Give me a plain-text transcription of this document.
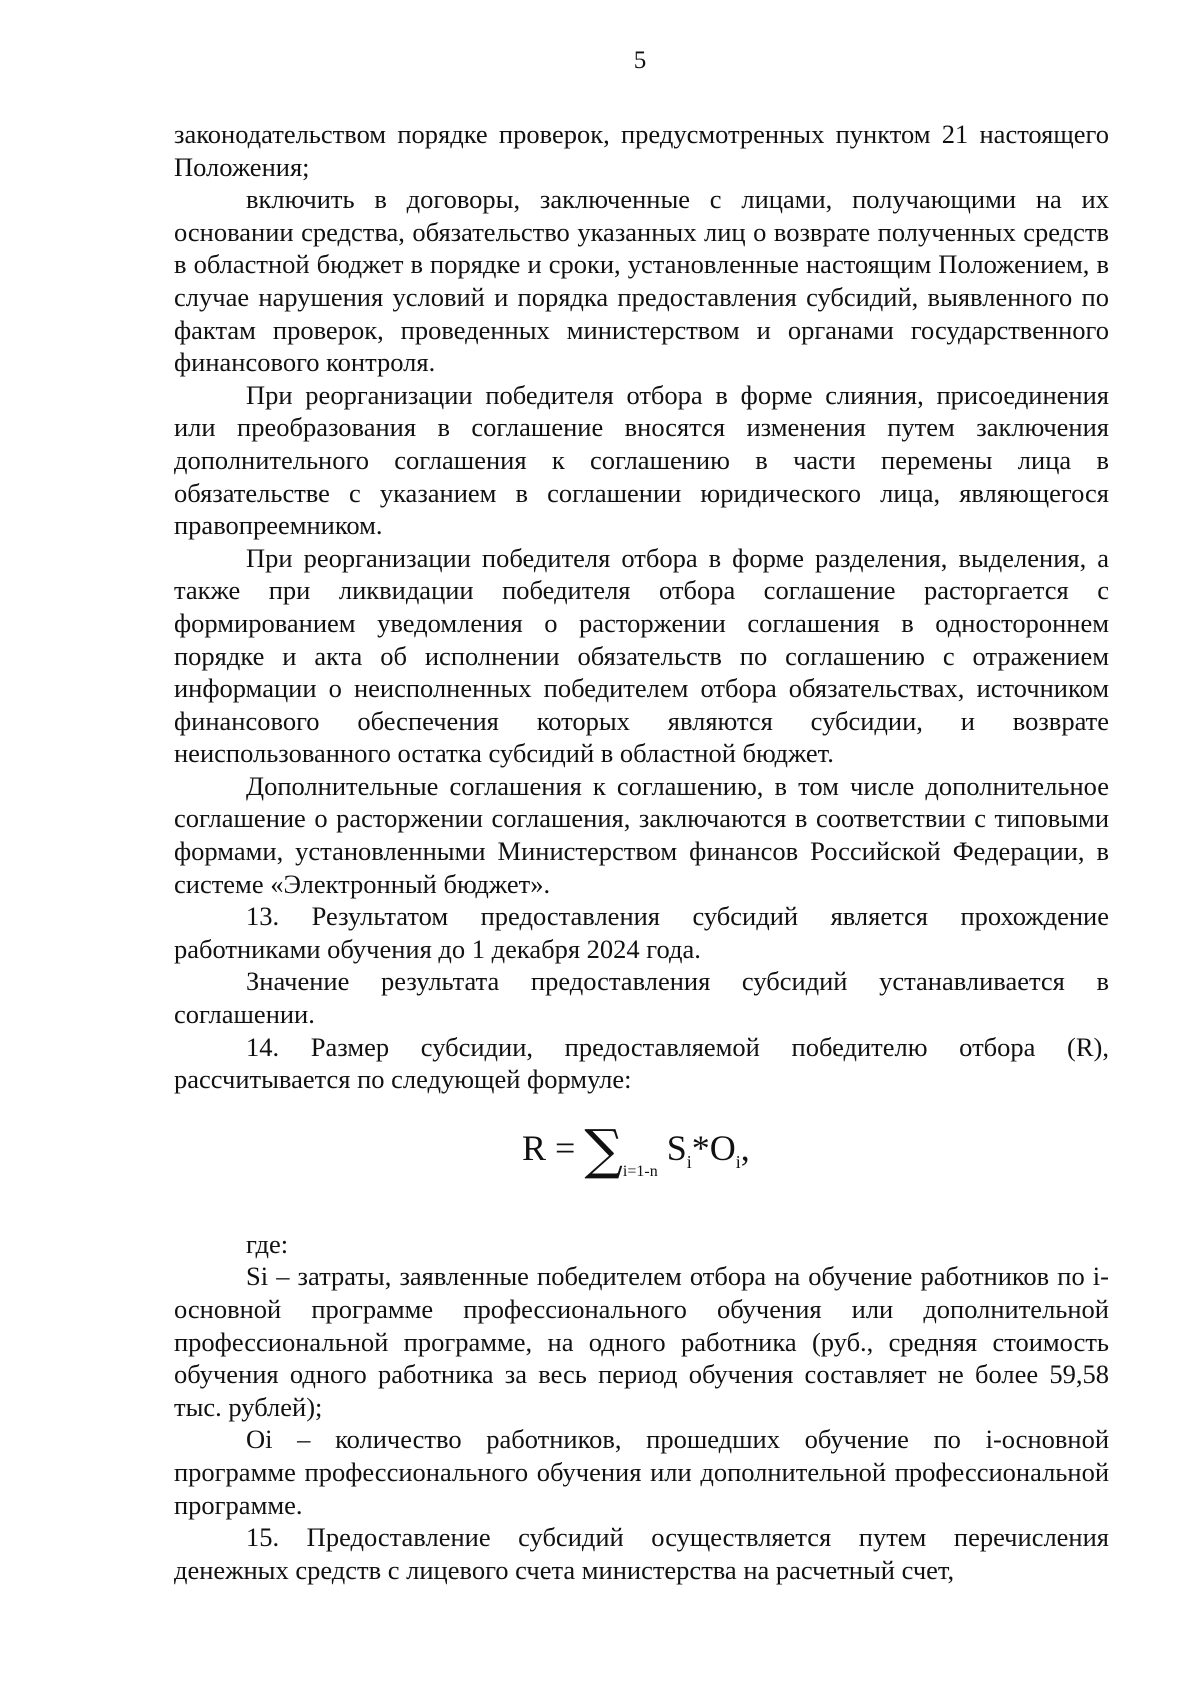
5

законодательством порядке проверок, предусмотренных пунктом 21 настоящего Положения;

включить в договоры, заключенные с лицами, получающими на их основании средства, обязательство указанных лиц о возврате полученных средств в областной бюджет в порядке и сроки, установленные настоящим Положением, в случае нарушения условий и порядка предоставления субсидий, выявленного по фактам проверок, проведенных министерством и органами государственного финансового контроля.

При реорганизации победителя отбора в форме слияния, присоединения или преобразования в соглашение вносятся изменения путем заключения дополнительного соглашения к соглашению в части перемены лица в обязательстве с указанием в соглашении юридического лица, являющегося правопреемником.

При реорганизации победителя отбора в форме разделения, выделения, а также при ликвидации победителя отбора соглашение расторгается с формированием уведомления о расторжении соглашения в одностороннем порядке и акта об исполнении обязательств по соглашению с отражением информации о неисполненных победителем отбора обязательствах, источником финансового обеспечения которых являются субсидии, и возврате неиспользованного остатка субсидий в областной бюджет.

Дополнительные соглашения к соглашению, в том числе дополнительное соглашение о расторжении соглашения, заключаются в соответствии с типовыми формами, установленными Министерством финансов Российской Федерации, в системе «Электронный бюджет».

13. Результатом предоставления субсидий является прохождение работниками обучения до 1 декабря 2024 года.

Значение результата предоставления субсидий устанавливается в соглашении.

14. Размер субсидии, предоставляемой победителю отбора (R), рассчитывается по следующей формуле:

$R = \sum_{i=1-n}$ $S_i*O_i$,

где:

Si – затраты, заявленные победителем отбора на обучение работников по i-основной программе профессионального обучения или дополнительной профессиональной программе, на одного работника (руб., средняя стоимость обучения одного работника за весь период обучения составляет не более 59,58 тыс. рублей);

Oi – количество работников, прошедших обучение по i-основной программе профессионального обучения или дополнительной профессиональной программе.

15. Предоставление субсидий осуществляется путем перечисления денежных средств с лицевого счета министерства на расчетный счет,
